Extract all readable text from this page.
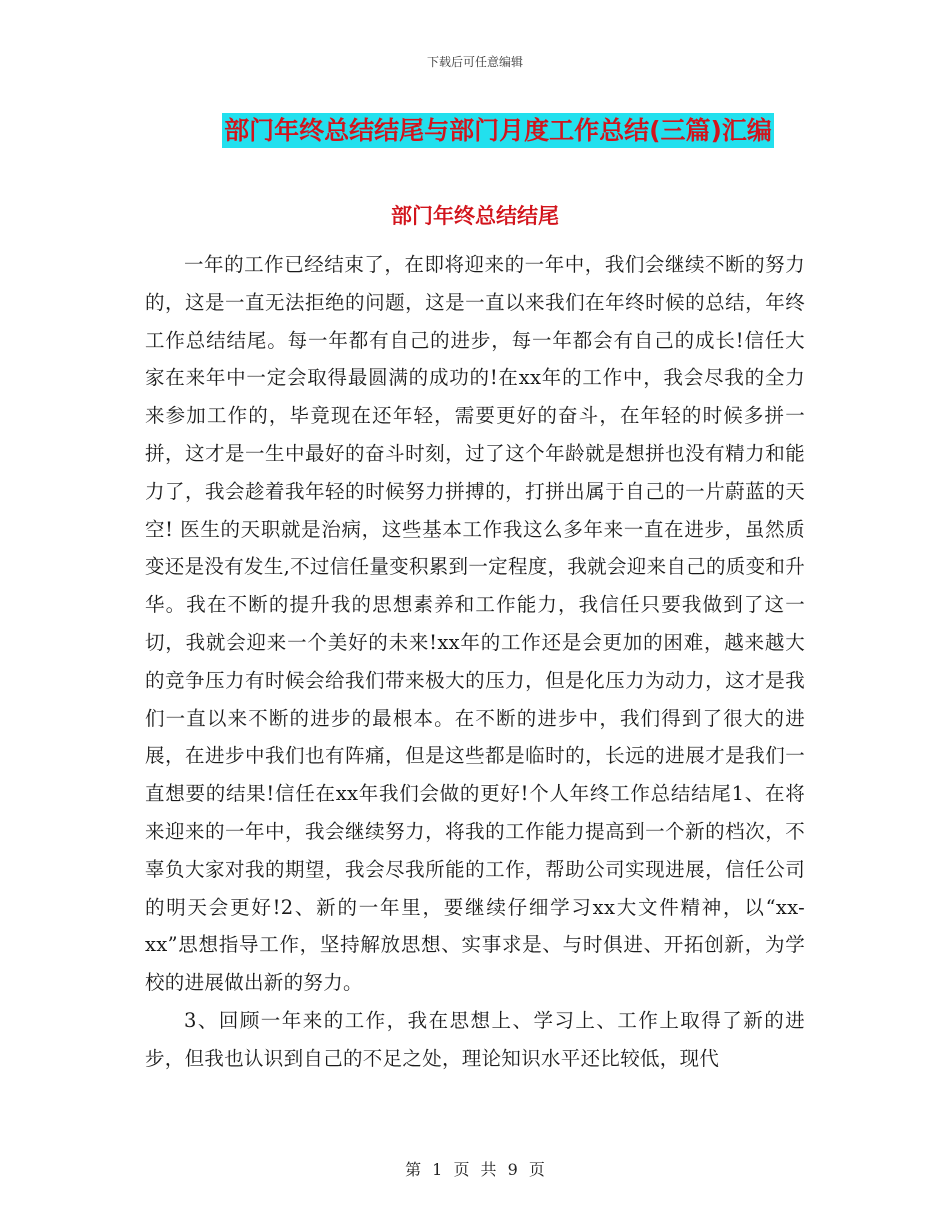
下载后可任意编辑
部门年终总结结尾与部门月度工作总结(三篇)汇编
部门年终总结结尾

一年的工作已经结束了，在即将迎来的一年中，我们会继续不断的努力的，这是一直无法拒绝的问题，这是一直以来我们在年终时候的总结，年终工作总结结尾。每一年都有自己的进步，每一年都会有自己的成长!信任大家在来年中一定会取得最圆满的成功的!在xx年的工作中，我会尽我的全力来参加工作的，毕竟现在还年轻，需要更好的奋斗，在年轻的时候多拼一拼，这才是一生中最好的奋斗时刻，过了这个年龄就是想拼也没有精力和能力了，我会趁着我年轻的时候努力拼搏的，打拼出属于自己的一片蔚蓝的天空! 医生的天职就是治病，这些基本工作我这么多年来一直在进步，虽然质变还是没有发生,不过信任量变积累到一定程度，我就会迎来自己的质变和升华。我在不断的提升我的思想素养和工作能力，我信任只要我做到了这一切，我就会迎来一个美好的未来!xx年的工作还是会更加的困难，越来越大的竞争压力有时候会给我们带来极大的压力，但是化压力为动力，这才是我们一直以来不断的进步的最根本。在不断的进步中，我们得到了很大的进展，在进步中我们也有阵痛，但是这些都是临时的，长远的进展才是我们一直想要的结果!信任在xx年我们会做的更好!个人年终工作总结结尾1、在将来迎来的一年中，我会继续努力，将我的工作能力提高到一个新的档次，不辜负大家对我的期望，我会尽我所能的工作，帮助公司实现进展，信任公司的明天会更好!2、新的一年里，要继续仔细学习xx大文件精神，以“xx-xx”思想指导工作，坚持解放思想、实事求是、与时俱进、开拓创新，为学校的进展做出新的努力。

3、回顾一年来的工作，我在思想上、学习上、工作上取得了新的进步，但我也认识到自己的不足之处，理论知识水平还比较低，现代

第 1 页 共 9 页
